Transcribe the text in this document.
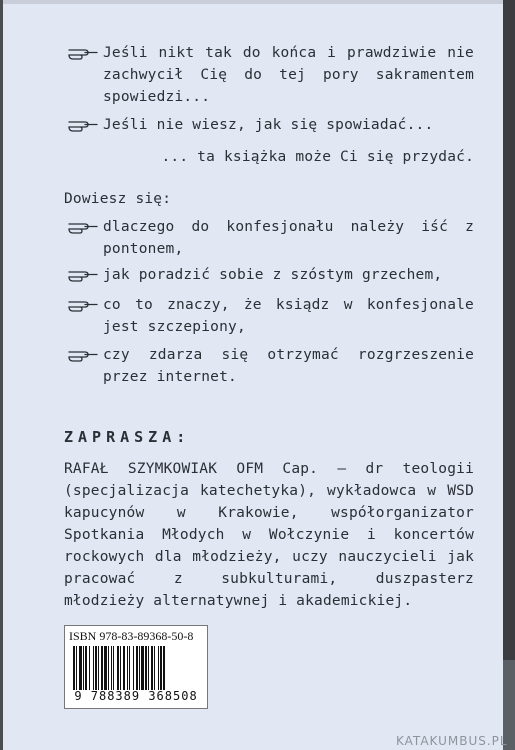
Jeśli nikt tak do końca i prawdziwie nie zachwycił Cię do tej pory sakramentem spowiedzi...
Jeśli nie wiesz, jak się spowiadać...
... ta książka może Ci się przydać.
Dowiesz się:
dlaczego do konfesjonału należy iść z pontonem,
jak poradzić sobie z szóstym grzechem,
co to znaczy, że ksiądz w konfesjonale jest szczepiony,
czy zdarza się otrzymać rozgrzeszenie przez internet.
ZAPRASZA:
RAFAŁ SZYMKOWIAK OFM Cap. – dr teologii (specjalizacja katechetyka), wykładowca w WSD kapucynów w Krakowie, współorganizator Spotkania Młodych w Wołczynie i koncertów rockowych dla młodzieży, uczy nauczycieli jak pracować z subkulturami, duszpasterz młodzieży alternatywnej i akademickiej.
ISBN 978-83-89368-50-8
9 788389 368508
KATAKUMBUS.PL
